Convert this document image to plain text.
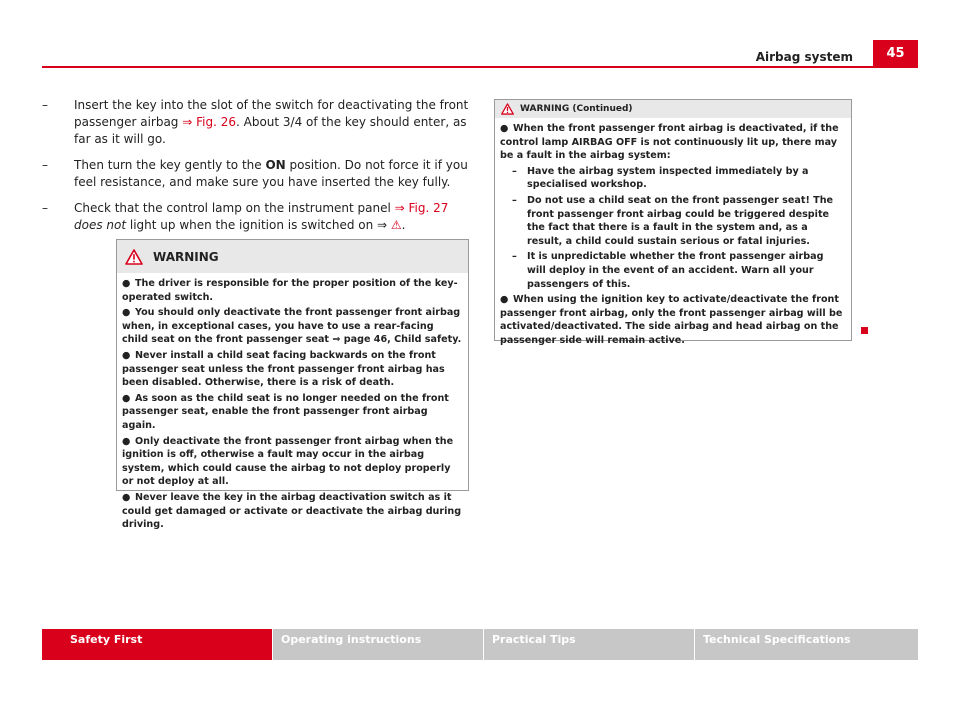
Airbag system	45
– Insert the key into the slot of the switch for deactivating the front passenger airbag ⇒ Fig. 26. About 3/4 of the key should enter, as far as it will go.
– Then turn the key gently to the ON position. Do not force it if you feel resistance, and make sure you have inserted the key fully.
– Check that the control lamp on the instrument panel ⇒ Fig. 27 does not light up when the ignition is switched on ⇒ ⚠.
WARNING

● The driver is responsible for the proper position of the key-operated switch.

● You should only deactivate the front passenger front airbag when, in exceptional cases, you have to use a rear-facing child seat on the front passenger seat ⇒ page 46, Child safety.

● Never install a child seat facing backwards on the front passenger seat unless the front passenger front airbag has been disabled. Otherwise, there is a risk of death.

● As soon as the child seat is no longer needed on the front passenger seat, enable the front passenger front airbag again.

● Only deactivate the front passenger front airbag when the ignition is off, otherwise a fault may occur in the airbag system, which could cause the airbag to not deploy properly or not deploy at all.

● Never leave the key in the airbag deactivation switch as it could get damaged or activate or deactivate the airbag during driving.

WARNING (Continued)

● When the front passenger front airbag is deactivated, if the control lamp AIRBAG OFF is not continuously lit up, there may be a fault in the airbag system:

– Have the airbag system inspected immediately by a specialised workshop.
– Do not use a child seat on the front passenger seat! The front passenger front airbag could be triggered despite the fact that there is a fault in the system and, as a result, a child could sustain serious or fatal injuries.
– It is unpredictable whether the front passenger airbag will deploy in the event of an accident. Warn all your passengers of this.

● When using the ignition key to activate/deactivate the front passenger front airbag, only the front passenger airbag will be activated/deactivated. The side airbag and head airbag on the passenger side will remain active.

Safety First	Operating instructions	Practical Tips	Technical Specifications
